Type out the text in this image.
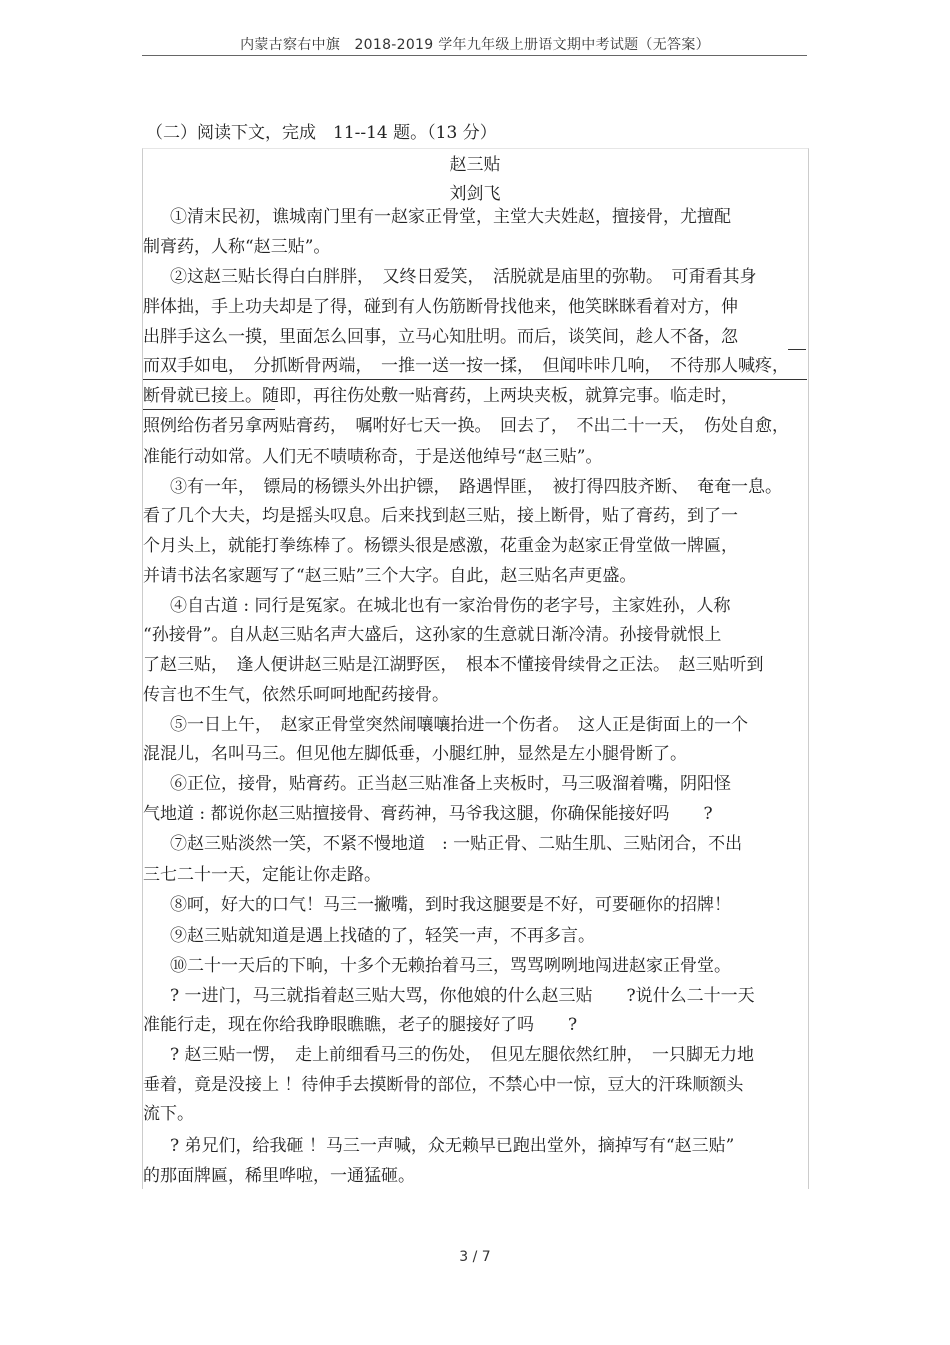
内蒙古察右中旗　2018-2019 学年九年级上册语文期中考试题（无答案）
（二）阅读下文，完成　11--14 题。（13 分）
赵三贴
刘剑飞
①清末民初，谯城南门里有一赵家正骨堂，主堂大夫姓赵，擅接骨，尤擅配
制膏药，人称“赵三贴”。
②这赵三贴长得白白胖胖，　又终日爱笑，　活脱就是庙里的弥勒。　可甭看其身
胖体拙，手上功夫却是了得，碰到有人伤筋断骨找他来，他笑眯眯看着对方，伸
出胖手这么一摸，里面怎么回事，立马心知肚明。而后，谈笑间，趁人不备，忽
而双手如电，　分抓断骨两端，　一推一送一按一揉，　但闻咔咔几响，　不待那人喊疼，
断骨就已接上。随即，再往伤处敷一贴膏药，上两块夹板，就算完事。临走时，
照例给伤者另拿两贴膏药，　嘱咐好七天一换。　回去了，　不出二十一天，　伤处自愈，
准能行动如常。人们无不啧啧称奇，于是送他绰号“赵三贴”。
③有一年，　镖局的杨镖头外出护镖，　路遇悍匪，　被打得四肢齐断、　奄奄一息。
看了几个大夫，均是摇头叹息。后来找到赵三贴，接上断骨，贴了膏药，到了一
个月头上，就能打拳练棒了。杨镖头很是感激，花重金为赵家正骨堂做一牌匾，
并请书法名家题写了“赵三贴”三个大字。自此，赵三贴名声更盛。
④自古道 : 同行是冤家。在城北也有一家治骨伤的老字号，主家姓孙，人称
“孙接骨”。自从赵三贴名声大盛后，这孙家的生意就日渐冷清。孙接骨就恨上
了赵三贴，　逢人便讲赵三贴是江湖野医，　根本不懂接骨续骨之正法。　赵三贴听到
传言也不生气，依然乐呵呵地配药接骨。
⑤一日上午，　赵家正骨堂突然闹嚷嚷抬进一个伤者。　这人正是街面上的一个
混混儿，名叫马三。但见他左脚低垂，小腿红肿，显然是左小腿骨断了。
⑥正位，接骨，贴膏药。正当赵三贴准备上夹板时，马三吸溜着嘴，阴阳怪
气地道 : 都说你赵三贴擅接骨、膏药神，马爷我这腿，你确保能接好吗　　?
⑦赵三贴淡然一笑，不紧不慢地道　: 一贴正骨、二贴生肌、三贴闭合，不出
三七二十一天，定能让你走路。
⑧呵，好大的口气！马三一撇嘴，到时我这腿要是不好，可要砸你的招牌！
⑨赵三贴就知道是遇上找碴的了，轻笑一声，不再多言。
⑩二十一天后的下晌，十多个无赖抬着马三，骂骂咧咧地闯进赵家正骨堂。
? 一进门，马三就指着赵三贴大骂，你他娘的什么赵三贴　　?说什么二十一天
准能行走，现在你给我睁眼瞧瞧，老子的腿接好了吗　　?
? 赵三贴一愣，　走上前细看马三的伤处，　但见左腿依然红肿，　一只脚无力地
垂着，竟是没接上 ！待伸手去摸断骨的部位，不禁心中一惊，豆大的汗珠顺额头
流下。
? 弟兄们，给我砸 ！马三一声喊，众无赖早已跑出堂外，摘掉写有“赵三贴”
的那面牌匾，稀里哗啦，一通猛砸。
3 / 7
